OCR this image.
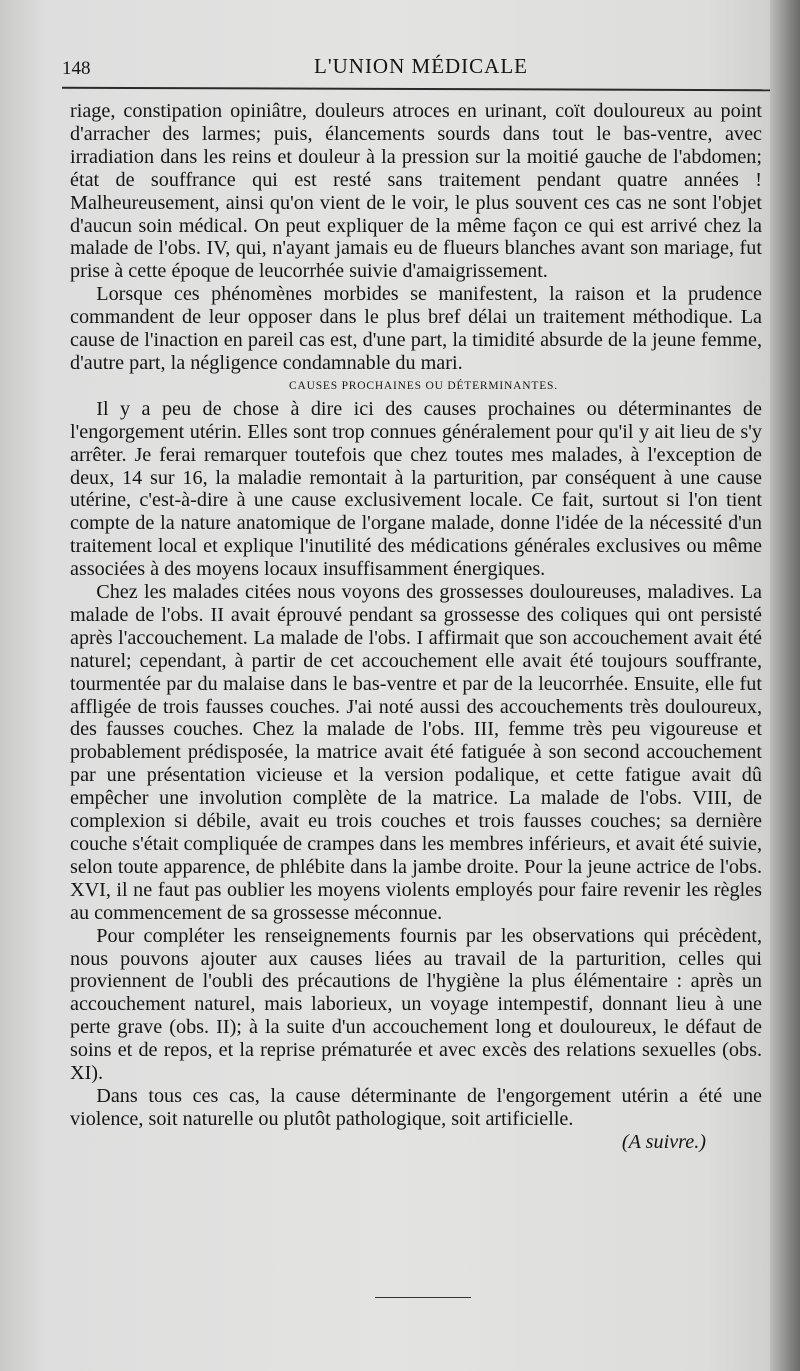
148	L'UNION MÉDICALE

riage, constipation opiniâtre, douleurs atroces en urinant, coït douloureux au point d'arracher des larmes; puis, élancements sourds dans tout le bas-ventre, avec irradiation dans les reins et douleur à la pression sur la moitié gauche de l'abdomen; état de souffrance qui est resté sans traitement pendant quatre années ! Malheureusement, ainsi qu'on vient de le voir, le plus souvent ces cas ne sont l'objet d'aucun soin médical. On peut expliquer de la même façon ce qui est arrivé chez la malade de l'obs. IV, qui, n'ayant jamais eu de flueurs blanches avant son mariage, fut prise à cette époque de leucorrhée suivie d'amaigrissement.

Lorsque ces phénomènes morbides se manifestent, la raison et la prudence commandent de leur opposer dans le plus bref délai un traitement méthodique. La cause de l'inaction en pareil cas est, d'une part, la timidité absurde de la jeune femme, d'autre part, la négligence condamnable du mari.

CAUSES PROCHAINES OU DÉTERMINANTES.

Il y a peu de chose à dire ici des causes prochaines ou déterminantes de l'engorgement utérin. Elles sont trop connues généralement pour qu'il y ait lieu de s'y arrêter. Je ferai remarquer toutefois que chez toutes mes malades, à l'exception de deux, 14 sur 16, la maladie remontait à la parturition, par conséquent à une cause utérine, c'est-à-dire à une cause exclusivement locale. Ce fait, surtout si l'on tient compte de la nature anatomique de l'organe malade, donne l'idée de la nécessité d'un traitement local et explique l'inutilité des médications générales exclusives ou même associées à des moyens locaux insuffisamment énergiques.

Chez les malades citées nous voyons des grossesses douloureuses, maladives. La malade de l'obs. II avait éprouvé pendant sa grossesse des coliques qui ont persisté après l'accouchement. La malade de l'obs. I affirmait que son accouchement avait été naturel; cependant, à partir de cet accouchement elle avait été toujours souffrante, tourmentée par du malaise dans le bas-ventre et par de la leucorrhée. Ensuite, elle fut affligée de trois fausses couches. J'ai noté aussi des accouchements très douloureux, des fausses couches. Chez la malade de l'obs. III, femme très peu vigoureuse et probablement prédisposée, la matrice avait été fatiguée à son second accouchement par une présentation vicieuse et la version podalique, et cette fatigue avait dû empêcher une involution complète de la matrice. La malade de l'obs. VIII, de complexion si débile, avait eu trois couches et trois fausses couches; sa dernière couche s'était compliquée de crampes dans les membres inférieurs, et avait été suivie, selon toute apparence, de phlébite dans la jambe droite. Pour la jeune actrice de l'obs. XVI, il ne faut pas oublier les moyens violents employés pour faire revenir les règles au commencement de sa grossesse méconnue.

Pour compléter les renseignements fournis par les observations qui précèdent, nous pouvons ajouter aux causes liées au travail de la parturition, celles qui proviennent de l'oubli des précautions de l'hygiène la plus élémentaire : après un accouchement naturel, mais laborieux, un voyage intempestif, donnant lieu à une perte grave (obs. II); à la suite d'un accouchement long et douloureux, le défaut de soins et de repos, et la reprise prématurée et avec excès des relations sexuelles (obs. XI).

Dans tous ces cas, la cause déterminante de l'engorgement utérin a été une violence, soit naturelle ou plutôt pathologique, soit artificielle.

(A suivre.)
